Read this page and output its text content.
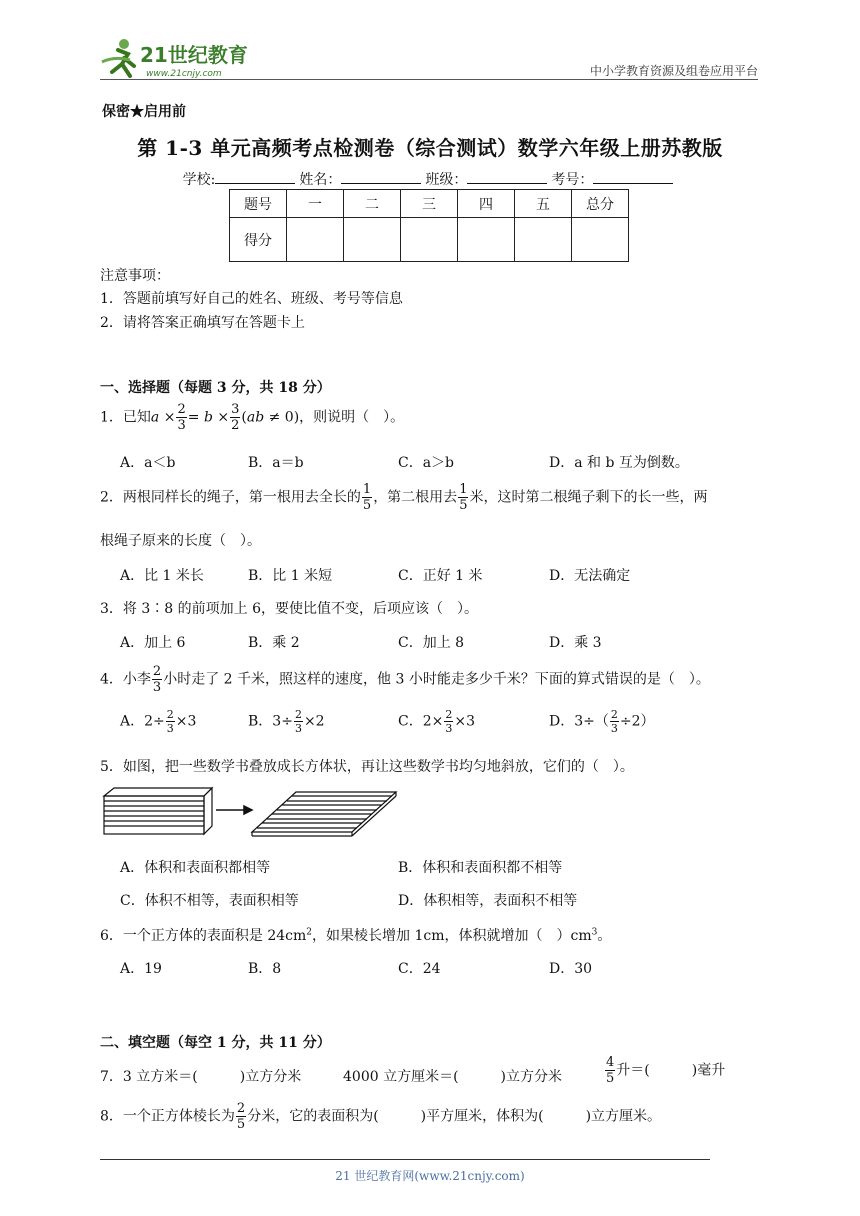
21世纪教育
www.21cnjy.com	中小学教育资源及组卷应用平台
保密★启用前
第 1-3 单元高频考点检测卷（综合测试）数学六年级上册苏教版
学校:	姓名：	班级：	考号：
题号	一	二	三	四	五	总分
得分						
注意事项：
1．答题前填写好自己的姓名、班级、考号等信息
2．请将答案正确填写在答题卡上
一、选择题（每题 3 分，共 18 分）
1．已知$a \times \frac{2}{3} = b \times \frac{3}{2} (ab \ne 0)$，则说明（　）。
A．a＜b	B．a＝b	C．a＞b	D．a 和 b 互为倒数。
2．两根同样长的绳子，第一根用去全长的 $\frac{1}{5}$ ，第二根用去 $\frac{1}{5}$ 米，这时第二根绳子剩下的长一些，两
根绳子原来的长度（　）。
A．比 1 米长	B．比 1 米短	C．正好 1 米	D．无法确定
3．将 3∶8 的前项加上 6，要使比值不变，后项应该（　）。
A．加上 6	B．乘 2	C．加上 8	D．乘 3
4．小李 $\frac{2}{3}$ 小时走了 2 千米，照这样的速度，他 3 小时能走多少千米？下面的算式错误的是（　）。
A．$2\div \frac{2}{3} \times 3$	B．$3\div \frac{2}{3} \times 2$	C．$2\times \frac{2}{3} \times 3$	D．$3\div( \frac{2}{3} \div 2)$
5．如图，把一些数学书叠放成长方体状，再让这些数学书均匀地斜放，它们的（　）。
A．体积和表面积都相等	B．体积和表面积都不相等
C．体积不相等，表面积相等	D．体积相等，表面积不相等
6．一个正方体的表面积是 $24cm^2$，如果棱长增加 1cm，体积就增加（　）$cm^3$。
A．19	B．8	C．24	D．30
二、填空题（每空 1 分，共 11 分）
7．3 立方米＝(　　　)立方分米	4000 立方厘米＝(　　　)立方分米	$\frac{4}{5}$ 升＝(　　　)毫升
8．一个正方体棱长为 $\frac{2}{5}$ 分米，它的表面积为(　　　)平方厘米，体积为(　　　)立方厘米。
21 世纪教育网(www.21cnjy.com)
